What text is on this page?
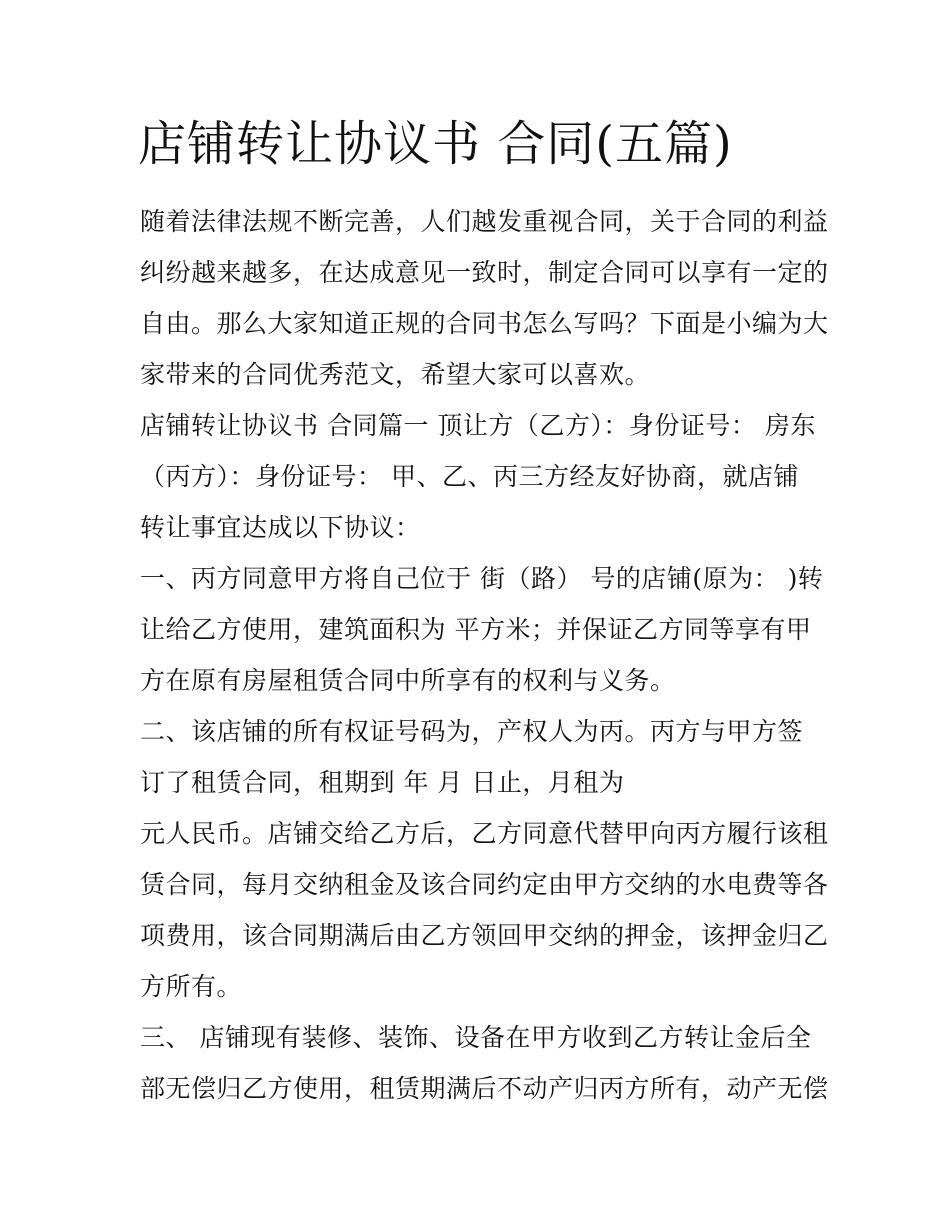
店铺转让协议书 合同(五篇)

随着法律法规不断完善，人们越发重视合同，关于合同的利益

纠纷越来越多，在达成意见一致时，制定合同可以享有一定的

自由。那么大家知道正规的合同书怎么写吗？下面是小编为大

家带来的合同优秀范文，希望大家可以喜欢。

店铺转让协议书 合同篇一 顶让方（乙方）：身份证号： 房东

（丙方）：身份证号： 甲、乙、丙三方经友好协商，就店铺

转让事宜达成以下协议：

一、丙方同意甲方将自己位于 街（路） 号的店铺(原为： )转

让给乙方使用，建筑面积为 平方米；并保证乙方同等享有甲

方在原有房屋租赁合同中所享有的权利与义务。

二、该店铺的所有权证号码为，产权人为丙。丙方与甲方签

订了租赁合同，租期到 年 月 日止，月租为

元人民币。店铺交给乙方后，乙方同意代替甲向丙方履行该租

赁合同，每月交纳租金及该合同约定由甲方交纳的水电费等各

项费用，该合同期满后由乙方领回甲交纳的押金，该押金归乙

方所有。

三、 店铺现有装修、装饰、设备在甲方收到乙方转让金后全

部无偿归乙方使用，租赁期满后不动产归丙方所有，动产无偿
